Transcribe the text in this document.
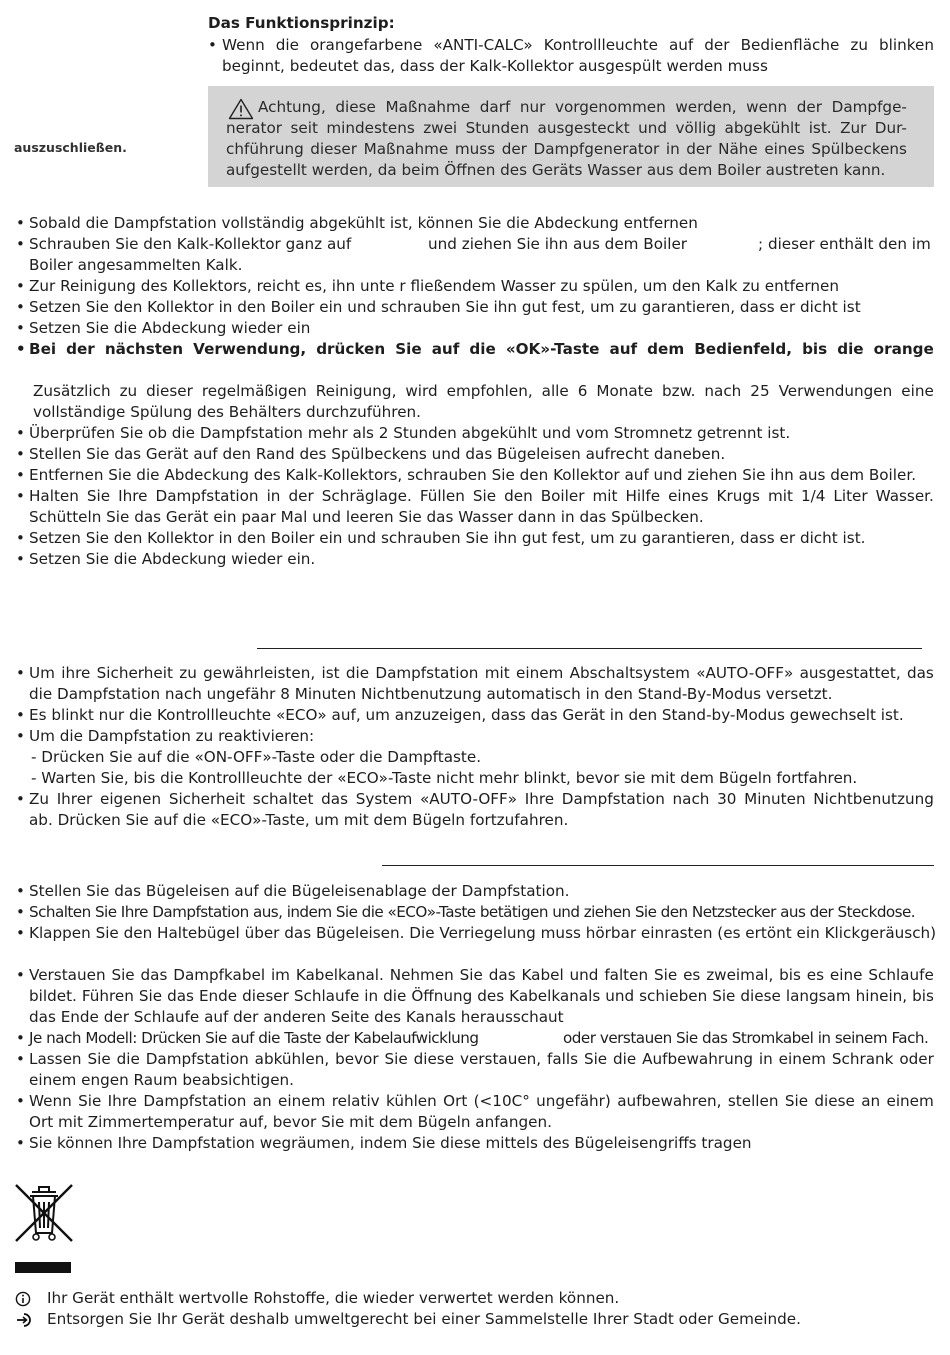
Das Funktionsprinzip:
• Wenn die orangefarbene «ANTI-CALC» Kontrollleuchte auf der Bedienfläche zu blinken
beginnt, bedeutet das, dass der Kalk-Kollektor ausgespült werden muss
auszuschließen.
Achtung, diese Maßnahme darf nur vorgenommen werden, wenn der Dampfge-
nerator seit mindestens zwei Stunden ausgesteckt und völlig abgekühlt ist. Zur Dur-
chführung dieser Maßnahme muss der Dampfgenerator in der Nähe eines Spülbeckens
aufgestellt werden, da beim Öffnen des Geräts Wasser aus dem Boiler austreten kann.
• Sobald die Dampfstation vollständig abgekühlt ist, können Sie die Abdeckung entfernen
• Schrauben Sie den Kalk-Kollektor ganz auf	und ziehen Sie ihn aus dem Boiler	; dieser enthält den im
Boiler angesammelten Kalk.
• Zur Reinigung des Kollektors, reicht es, ihn unte r fließendem Wasser zu spülen, um den Kalk zu entfernen
• Setzen Sie den Kollektor in den Boiler ein und schrauben Sie ihn gut fest, um zu garantieren, dass er dicht ist
• Setzen Sie die Abdeckung wieder ein
• Bei der nächsten Verwendung, drücken Sie auf die «OK»-Taste auf dem Bedienfeld, bis die orange
Zusätzlich zu dieser regelmäßigen Reinigung, wird empfohlen, alle 6 Monate bzw. nach 25 Verwendungen eine
vollständige Spülung des Behälters durchzuführen.
• Überprüfen Sie ob die Dampfstation mehr als 2 Stunden abgekühlt und vom Stromnetz getrennt ist.
• Stellen Sie das Gerät auf den Rand des Spülbeckens und das Bügeleisen aufrecht daneben.
• Entfernen Sie die Abdeckung des Kalk-Kollektors, schrauben Sie den Kollektor auf und ziehen Sie ihn aus dem Boiler.
• Halten Sie Ihre Dampfstation in der Schräglage. Füllen Sie den Boiler mit Hilfe eines Krugs mit 1/4 Liter Wasser.
Schütteln Sie das Gerät ein paar Mal und leeren Sie das Wasser dann in das Spülbecken.
• Setzen Sie den Kollektor in den Boiler ein und schrauben Sie ihn gut fest, um zu garantieren, dass er dicht ist.
• Setzen Sie die Abdeckung wieder ein.
• Um ihre Sicherheit zu gewährleisten, ist die Dampfstation mit einem Abschaltsystem «AUTO-OFF» ausgestattet, das
die Dampfstation nach ungefähr 8 Minuten Nichtbenutzung automatisch in den Stand-By-Modus versetzt.
• Es blinkt nur die Kontrollleuchte «ECO» auf, um anzuzeigen, dass das Gerät in den Stand-by-Modus gewechselt ist.
• Um die Dampfstation zu reaktivieren:
- Drücken Sie auf die «ON-OFF»-Taste oder die Dampftaste.
- Warten Sie, bis die Kontrollleuchte der «ECO»-Taste nicht mehr blinkt, bevor sie mit dem Bügeln fortfahren.
• Zu Ihrer eigenen Sicherheit schaltet das System «AUTO-OFF» Ihre Dampfstation nach 30 Minuten Nichtbenutzung
ab. Drücken Sie auf die «ECO»-Taste, um mit dem Bügeln fortzufahren.
• Stellen Sie das Bügeleisen auf die Bügeleisenablage der Dampfstation.
• Schalten Sie Ihre Dampfstation aus, indem Sie die «ECO»-Taste betätigen und ziehen Sie den Netzstecker aus der Steckdose.
• Klappen Sie den Haltebügel über das Bügeleisen. Die Verriegelung muss hörbar einrasten (es ertönt ein Klickgeräusch)
• Verstauen Sie das Dampfkabel im Kabelkanal. Nehmen Sie das Kabel und falten Sie es zweimal, bis es eine Schlaufe
bildet. Führen Sie das Ende dieser Schlaufe in die Öffnung des Kabelkanals und schieben Sie diese langsam hinein, bis
das Ende der Schlaufe auf der anderen Seite des Kanals herausschaut
• Je nach Modell: Drücken Sie auf die Taste der Kabelaufwicklung	oder verstauen Sie das Stromkabel in seinem Fach.
• Lassen Sie die Dampfstation abkühlen, bevor Sie diese verstauen, falls Sie die Aufbewahrung in einem Schrank oder
einem engen Raum beabsichtigen.
• Wenn Sie Ihre Dampfstation an einem relativ kühlen Ort (<10C° ungefähr) aufbewahren, stellen Sie diese an einem
Ort mit Zimmertemperatur auf, bevor Sie mit dem Bügeln anfangen.
• Sie können Ihre Dampfstation wegräumen, indem Sie diese mittels des Bügeleisengriffs tragen
Ihr Gerät enthält wertvolle Rohstoffe, die wieder verwertet werden können.
Entsorgen Sie Ihr Gerät deshalb umweltgerecht bei einer Sammelstelle Ihrer Stadt oder Gemeinde.
